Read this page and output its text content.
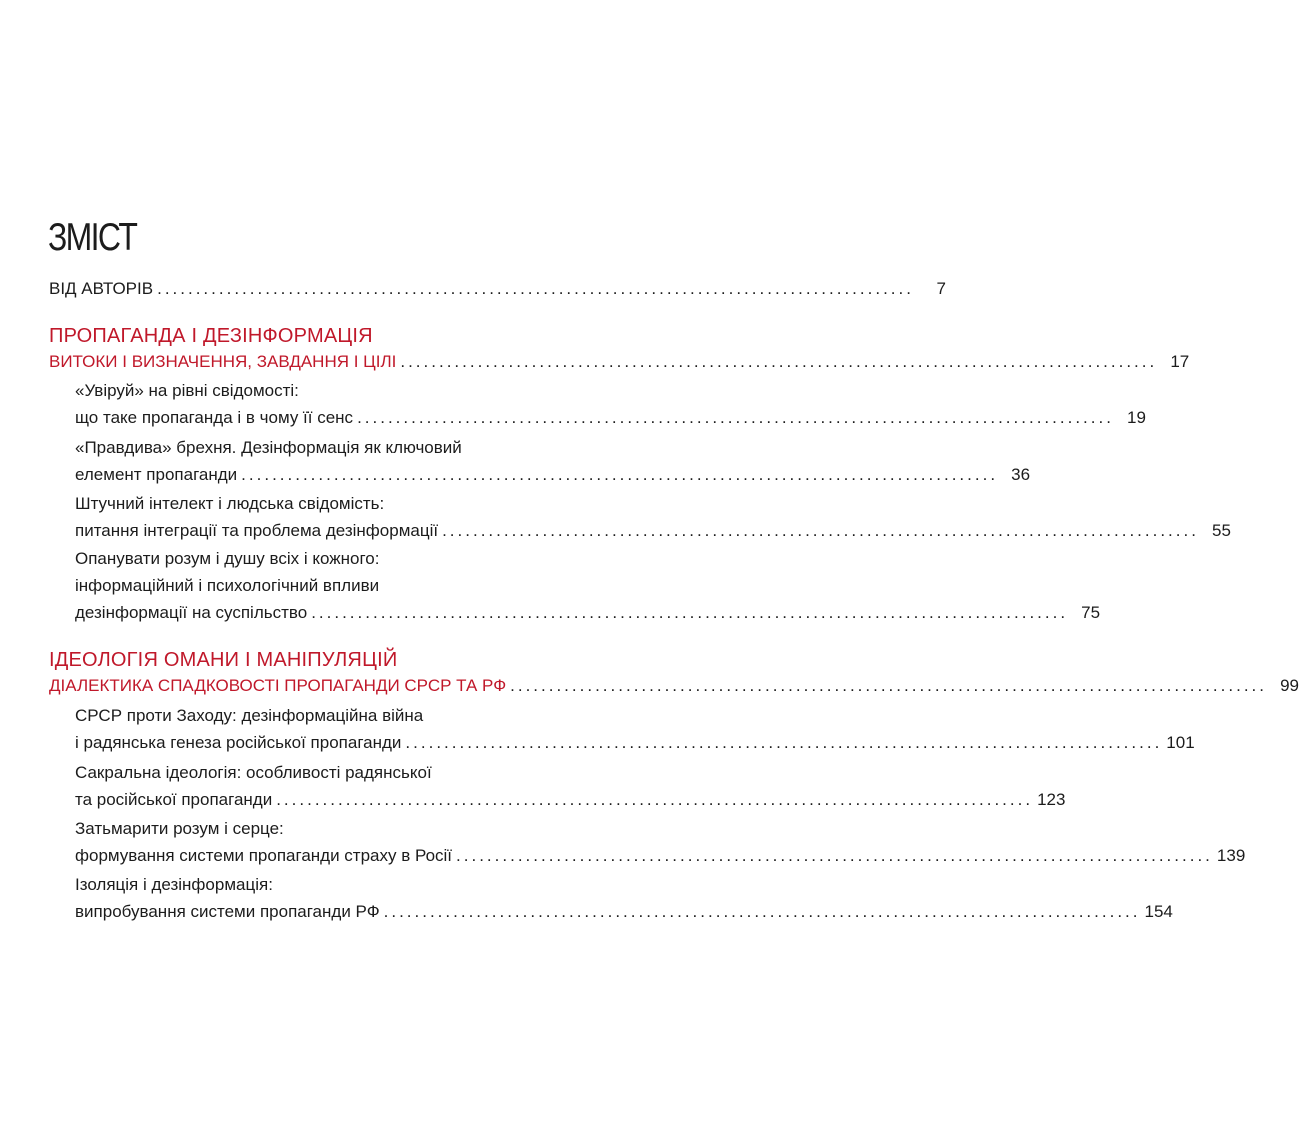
ЗМІСТ
ВІД АВТОРІВ ..................................................................................................	7
ПРОПАГАНДА І ДЕЗІНФОРМАЦІЯ
ВИТОКИ І ВИЗНАЧЕННЯ, ЗАВДАННЯ І ЦІЛІ .................................................................................................. 17
«Увіруй» на рівні свідомості:
що таке пропаганда і в чому її сенс .................................................................................................. 19
«Правдива» брехня. Дезінформація як ключовий
елемент пропаганди .................................................................................................. 36
Штучний інтелект і людська свідомість:
питання інтеграції та проблема дезінформації .................................................................................................. 55
Опанувати розум і душу всіх і кожного:
інформаційний і психологічний впливи
дезінформації на суспільство .................................................................................................. 75
ІДЕОЛОГІЯ ОМАНИ І МАНІПУЛЯЦІЙ
ДІАЛЕКТИКА СПАДКОВОСТІ ПРОПАГАНДИ СРСР ТА РФ .................................................................................................. 99
СРСР проти Заходу: дезінформаційна війна
і радянська генеза російської пропаганди .................................................................................................. 101
Сакральна ідеологія: особливості радянської
та російської пропаганди .................................................................................................. 123
Затьмарити розум і серце:
формування системи пропаганди страху в Росії .................................................................................................. 139
Ізоляція і дезінформація:
випробування системи пропаганди РФ .................................................................................................. 154
